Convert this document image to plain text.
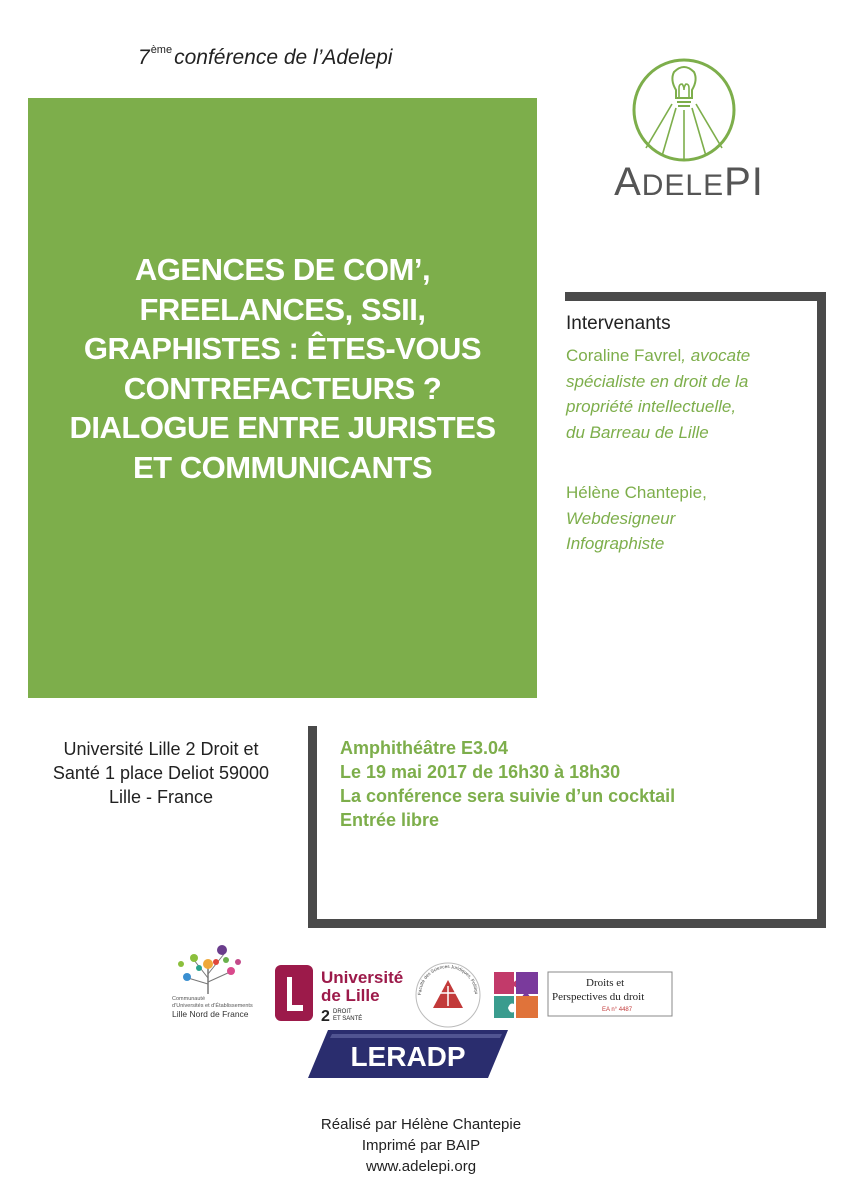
7èmeconférence de l’Adelepi
AGENCES DE COM’,
FREELANCES, SSII,
GRAPHISTES : ÊTES-VOUS
CONTREFACTEURS ?
DIALOGUE ENTRE JURISTES
ET COMMUNICANTS
ADELEPI
Intervenants
Coraline Favrel, avocate
spécialiste en droit de la
propriété intellectuelle,
du Barreau de Lille
Hélène Chantepie,
Webdesigneur
Infographiste
Université Lille 2 Droit et
Santé 1 place Deliot 59000
Lille - France
Amphithéâtre E3.04
Le 19 mai 2017 de 16h30 à 18h30
La conférence sera suivie d’un cocktail
Entrée libre
Communauté
d’Universités et d’Établissements
Lille Nord de France
Université
de Lille
2 DROIT
ET SANTÉ
Faculté des Sciences Juridiques, Politiqu
Droits et
Perspectives du droit
EA n° 4487
LERADP
Réalisé par Hélène Chantepie
Imprimé par BAIP
www.adelepi.org
